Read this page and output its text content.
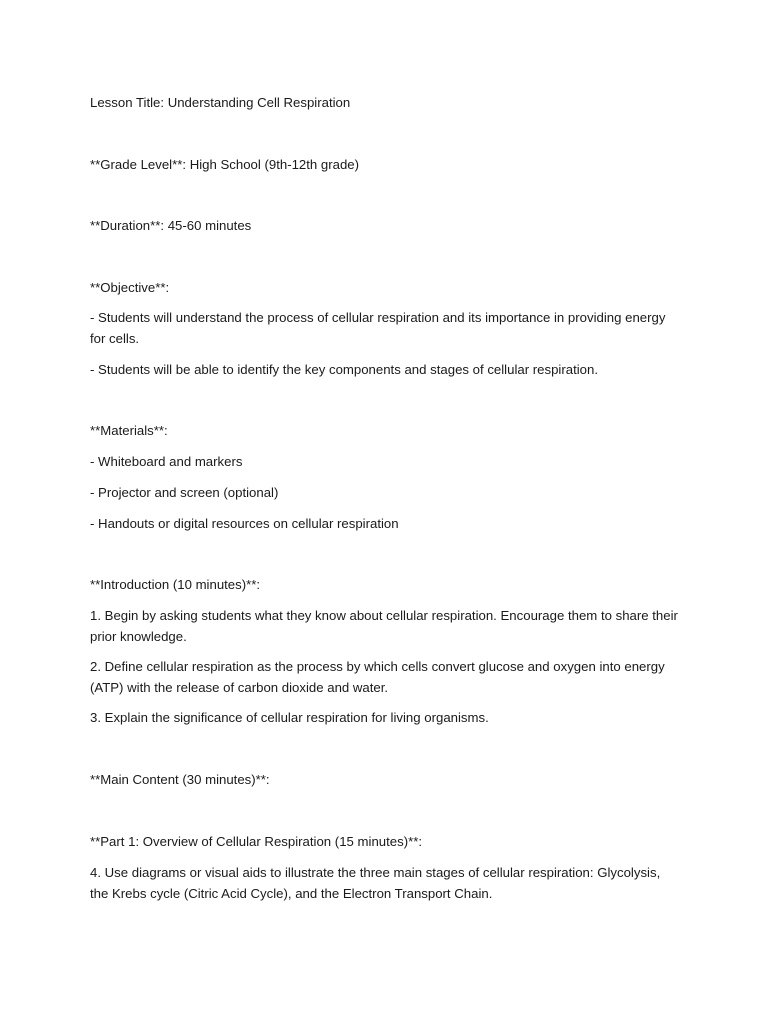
Lesson Title: Understanding Cell Respiration
**Grade Level**: High School (9th-12th grade)
**Duration**: 45-60 minutes
**Objective**:
- Students will understand the process of cellular respiration and its importance in providing energy for cells.
- Students will be able to identify the key components and stages of cellular respiration.
**Materials**:
- Whiteboard and markers
- Projector and screen (optional)
- Handouts or digital resources on cellular respiration
**Introduction (10 minutes)**:
1. Begin by asking students what they know about cellular respiration. Encourage them to share their prior knowledge.
2. Define cellular respiration as the process by which cells convert glucose and oxygen into energy (ATP) with the release of carbon dioxide and water.
3. Explain the significance of cellular respiration for living organisms.
**Main Content (30 minutes)**:
**Part 1: Overview of Cellular Respiration (15 minutes)**:
4. Use diagrams or visual aids to illustrate the three main stages of cellular respiration: Glycolysis, the Krebs cycle (Citric Acid Cycle), and the Electron Transport Chain.
